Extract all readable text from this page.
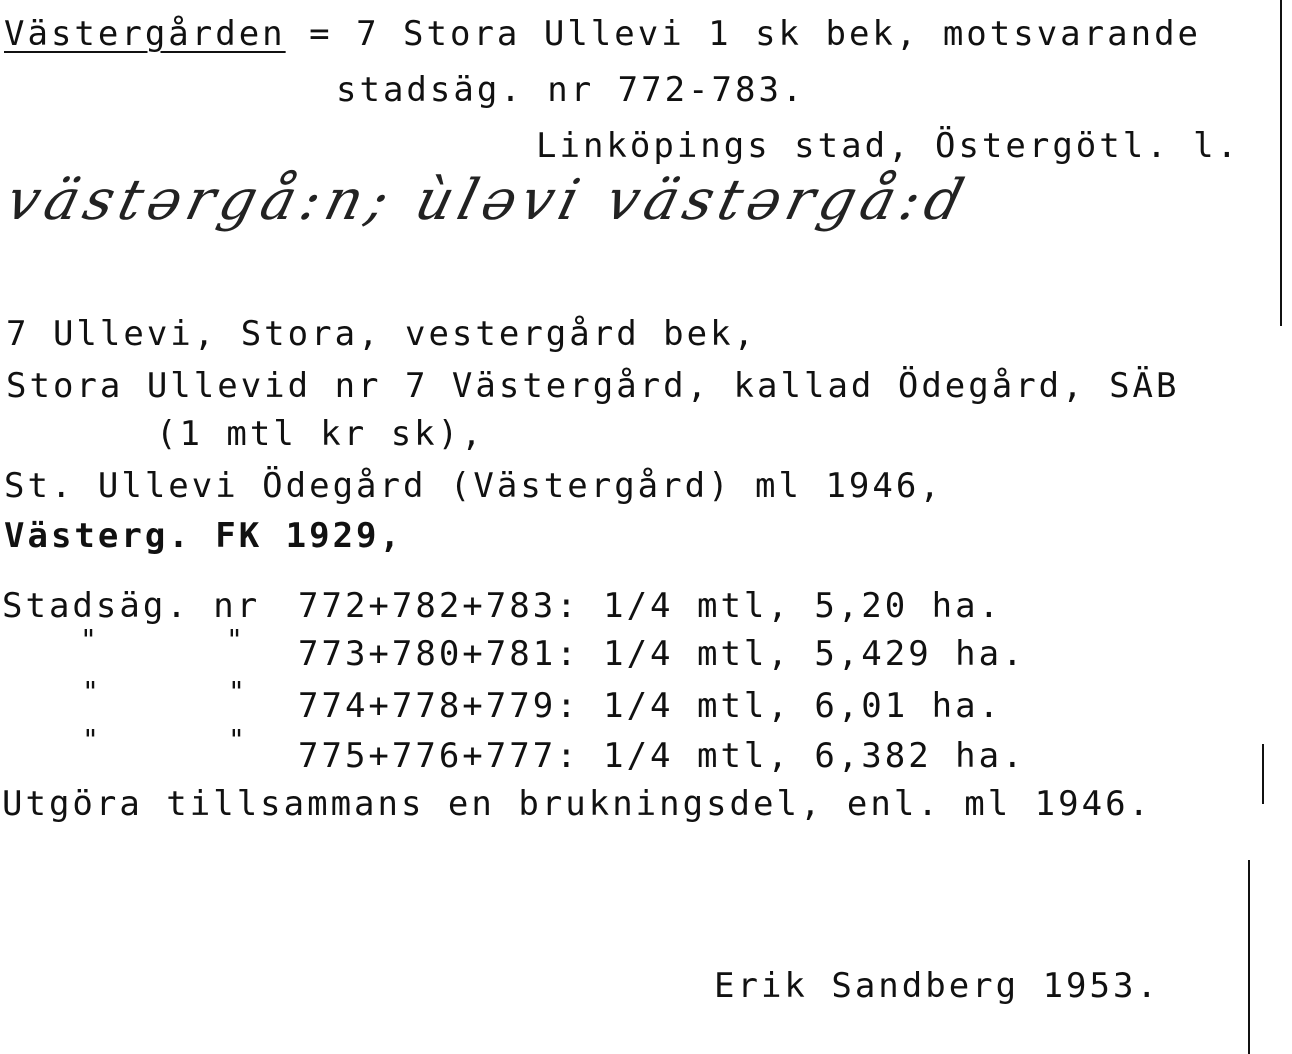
Västergården = 7 Stora Ullevi 1 sk bek, motsvarande
stadsäg. nr 772-783.
Linköpings stad, Östergötl. l.
västərgå:n; ùləvi västərgå:d
7 Ullevi, Stora, vestergård bek,
Stora Ullevid nr 7 Västergård, kallad Ödegård, SÄB
(1 mtl kr sk),
St. Ullevi Ödegård (Västergård) ml 1946,
Västerg. FK 1929,
Stadsäg. nr 772+782+783: 1/4 mtl, 5,20 ha.
"	" 773+780+781: 1/4 mtl, 5,429 ha.
"	" 774+778+779: 1/4 mtl, 6,01 ha.
"	" 775+776+777: 1/4 mtl, 6,382 ha.
Utgöra tillsammans en brukningsdel, enl. ml 1946.
Erik Sandberg 1953.
